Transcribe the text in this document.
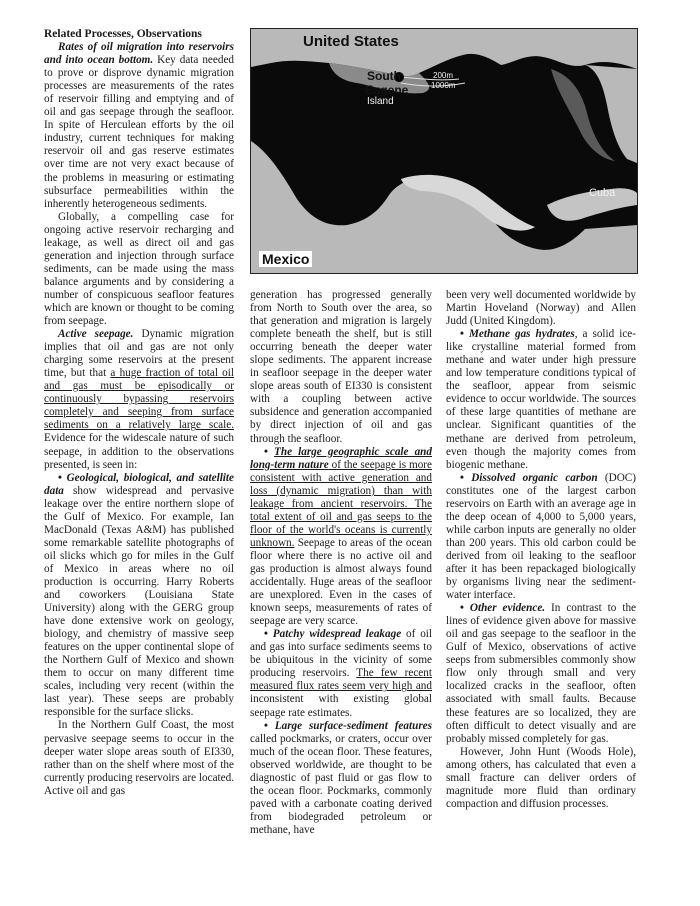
Related Processes, Observations

Rates of oil migration into reservoirs and into ocean bottom. Key data needed to prove or disprove dynamic migration processes are measurements of the rates of reservoir filling and emptying and of oil and gas seepage through the seafloor. In spite of Herculean efforts by the oil industry, current techniques for making reservoir oil and gas reserve estimates over time are not very exact because of the problems in measuring or estimating subsurface permeabilities within the inherently heterogeneous sediments.

Globally, a compelling case for ongoing active reservoir recharging and leakage, as well as direct oil and gas generation and injection through surface sediments, can be made using the mass balance arguments and by considering a number of conspicuous seafloor features which are known or thought to be coming from seepage.

Active seepage. Dynamic migration implies that oil and gas are not only charging some reservoirs at the present time, but that a huge fraction of total oil and gas must be episodically or continuously bypassing reservoirs completely and seeping from surface sediments on a relatively large scale. Evidence for the widescale nature of such seepage, in addition to the observations presented, is seen in:

• Geological, biological, and satellite data show widespread and pervasive leakage over the entire northern slope of the Gulf of Mexico. For example, Ian MacDonald (Texas A&M) has published some remarkable satellite photographs of oil slicks which go for miles in the Gulf of Mexico in areas where no oil production is occurring. Harry Roberts and coworkers (Louisiana State University) along with the GERG group have done extensive work on geology, biology, and chemistry of massive seep features on the upper continental slope of the Northern Gulf of Mexico and shown them to occur on many different time scales, including very recent (within the last year). These seeps are probably responsible for the surface slicks.

In the Northern Gulf Coast, the most pervasive seepage seems to occur in the deeper water slope areas south of EI330, rather than on the shelf where most of the currently producing reservoirs are located. Active oil and gas

United States
South
Eugene
Island
200m
1000m
Cuba
Mexico

generation has progressed generally from North to South over the area, so that generation and migration is largely complete beneath the shelf, but is still occurring beneath the deeper water slope sediments. The apparent increase in seafloor seepage in the deeper water slope areas south of EI330 is consistent with a coupling between active subsidence and generation accompanied by direct injection of oil and gas through the seafloor.

• The large geographic scale and long-term nature of the seepage is more consistent with active generation and loss (dynamic migration) than with leakage from ancient reservoirs. The total extent of oil and gas seeps to the floor of the world's oceans is currently unknown. Seepage to areas of the ocean floor where there is no active oil and gas production is almost always found accidentally. Huge areas of the seafloor are unexplored. Even in the cases of known seeps, measurements of rates of seepage are very scarce.

• Patchy widespread leakage of oil and gas into surface sediments seems to be ubiquitous in the vicinity of some producing reservoirs. The few recent measured flux rates seem very high and inconsistent with existing global seepage rate estimates.

• Large surface-sediment features called pockmarks, or craters, occur over much of the ocean floor. These features, observed worldwide, are thought to be diagnostic of past fluid or gas flow to the ocean floor. Pockmarks, commonly paved with a carbonate coating derived from biodegraded petroleum or methane, have

been very well documented worldwide by Martin Hoveland (Norway) and Allen Judd (United Kingdom).

• Methane gas hydrates, a solid ice-like crystalline material formed from methane and water under high pressure and low temperature conditions typical of the seafloor, appear from seismic evidence to occur worldwide. The sources of these large quantities of methane are unclear. Significant quantities of the methane are derived from petroleum, even though the majority comes from biogenic methane.

• Dissolved organic carbon (DOC) constitutes one of the largest carbon reservoirs on Earth with an average age in the deep ocean of 4,000 to 5,000 years, while carbon inputs are generally no older than 200 years. This old carbon could be derived from oil leaking to the seafloor after it has been repackaged biologically by organisms living near the sediment-water interface.

• Other evidence. In contrast to the lines of evidence given above for massive oil and gas seepage to the seafloor in the Gulf of Mexico, observations of active seeps from submersibles commonly show flow only through small and very localized cracks in the seafloor, often associated with small faults. Because these features are so localized, they are often difficult to detect visually and are probably missed completely for gas.

However, John Hunt (Woods Hole), among others, has calculated that even a small fracture can deliver orders of magnitude more fluid than ordinary compaction and diffusion processes.
